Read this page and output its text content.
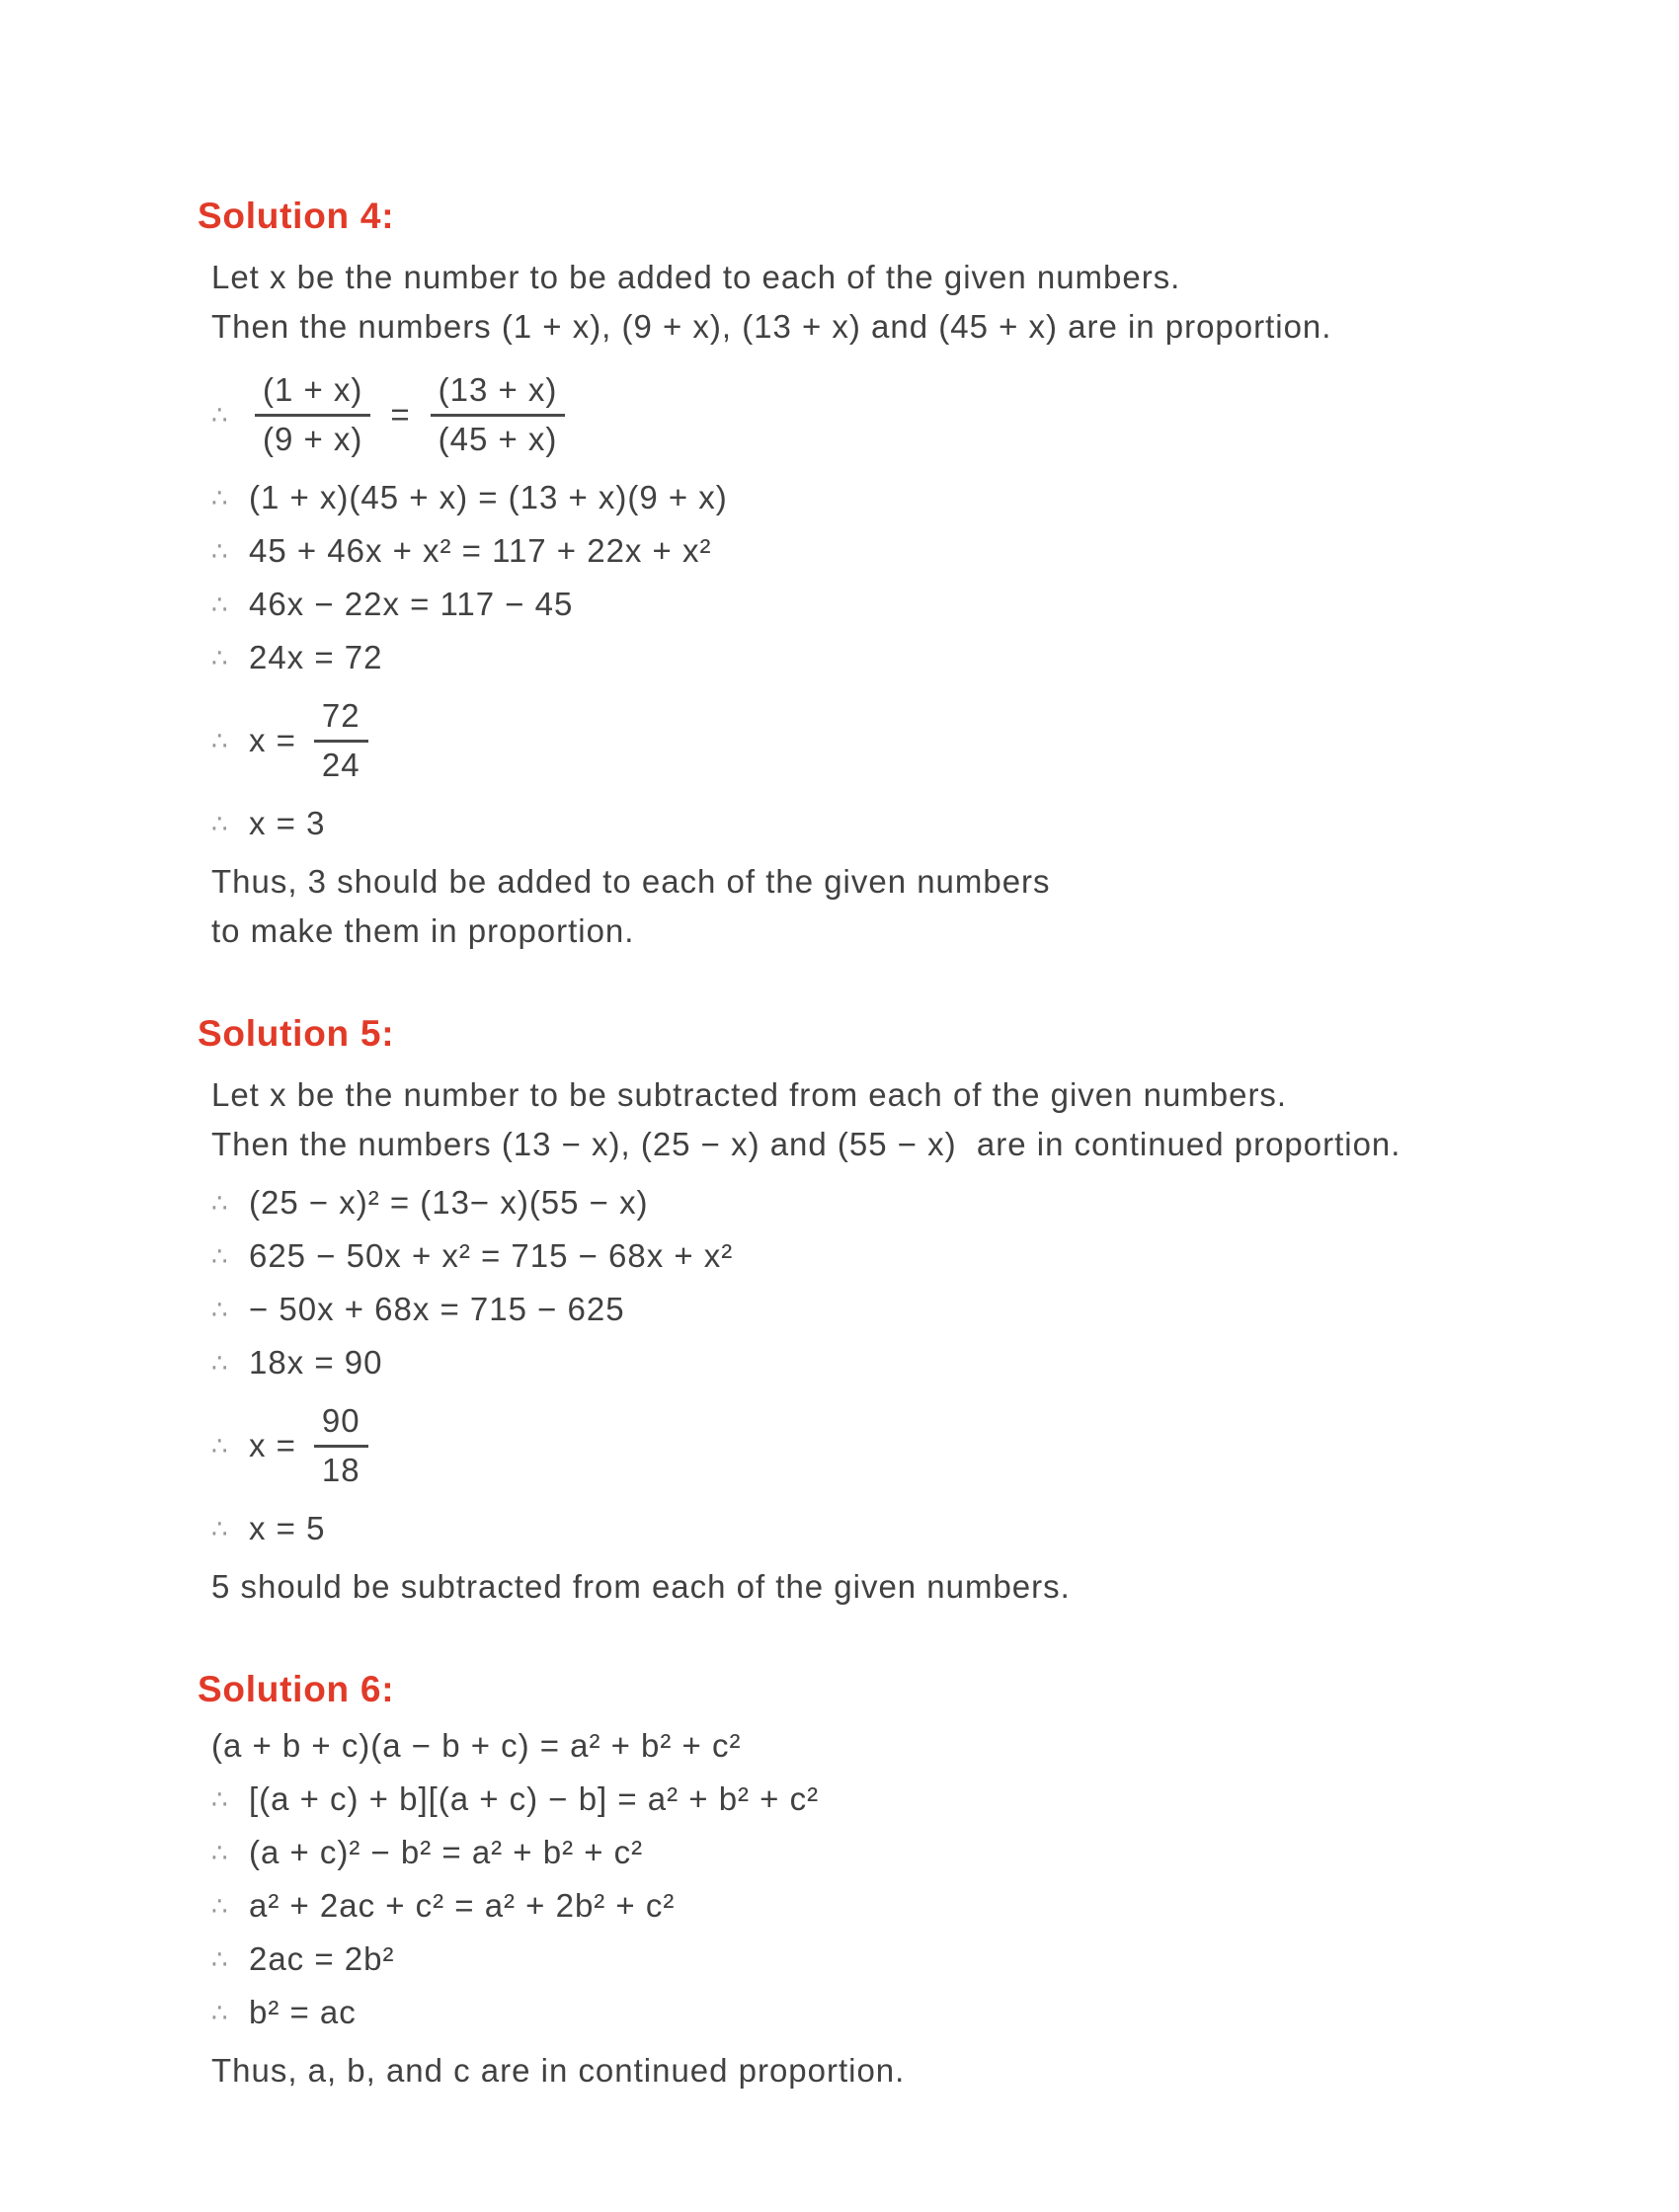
Solution 4:
Let x be the number to be added to each of the given numbers.
Then the numbers (1 + x), (9 + x), (13 + x) and (45 + x) are in proportion.
∴ $\frac{(1 + x)}{(9 + x)} = \frac{(13 + x)}{(45 + x)}$
∴ (1 + x)(45 + x) = (13 + x)(9 + x)
∴ 45 + 46x + x² = 117 + 22x + x²
∴ 46x − 22x = 117 − 45
∴ 24x = 72
∴ $x = \frac{72}{24}$
∴ x = 3
Thus, 3 should be added to each of the given numbers
to make them in proportion.
Solution 5:
Let x be the number to be subtracted from each of the given numbers.
Then the numbers (13 − x), (25 − x) and (55 − x)  are in continued proportion.
∴ (25 − x)² = (13− x)(55 − x)
∴ 625 − 50x + x² = 715 − 68x + x²
∴ − 50x + 68x = 715 − 625
∴ 18x = 90
∴ $x = \frac{90}{18}$
∴ x = 5
5 should be subtracted from each of the given numbers.
Solution 6:
(a + b + c)(a − b + c) = a² + b² + c²
∴ [(a + c) + b][(a + c) − b] = a² + b² + c²
∴ (a + c)² − b² = a² + b² + c²
∴ a² + 2ac + c² = a² + 2b² + c²
∴ 2ac = 2b²
∴ b² = ac
Thus, a, b, and c are in continued proportion.
